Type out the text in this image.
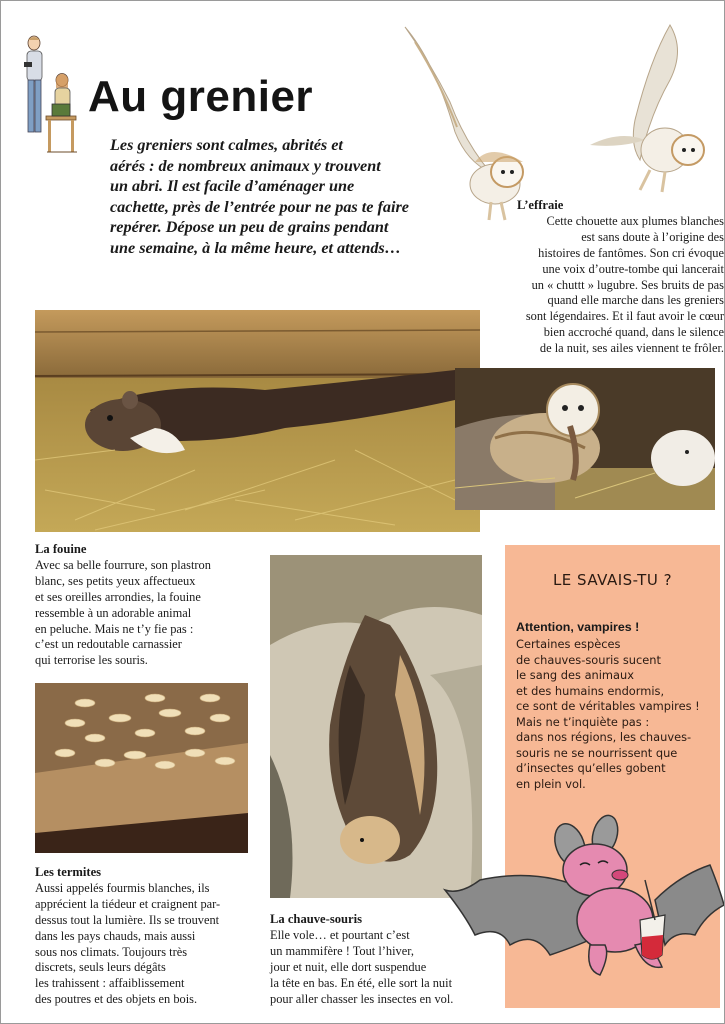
Au grenier
Les greniers sont calmes, abrités et
aérés : de nombreux animaux y trouvent
un abri. Il est facile d’aménager une
cachette, près de l’entrée pour ne pas te faire
repérer. Dépose un peu de grains pendant
une semaine, à la même heure, et attends…
L’effraie
Cette chouette aux plumes blanches
est sans doute à l’origine des
histoires de fantômes. Son cri évoque
une voix d’outre-tombe qui lancerait
un « chuttt » lugubre. Ses bruits de pas
quand elle marche dans les greniers
sont légendaires. Et il faut avoir le cœur
bien accroché quand, dans le silence
de la nuit, ses ailes viennent te frôler.
La fouine
Avec sa belle fourrure, son plastron
blanc, ses petits yeux affectueux
et ses oreilles arrondies, la fouine
ressemble à un adorable animal
en peluche. Mais ne t’y fie pas :
c’est un redoutable carnassier
qui terrorise les souris.
Les termites
Aussi appelés fourmis blanches, ils
apprécient la tiédeur et craignent par-
dessus tout la lumière. Ils se trouvent
dans les pays chauds, mais aussi
sous nos climats. Toujours très
discrets, seuls leurs dégâts
les trahissent : affaiblissement
des poutres et des objets en bois.
La chauve-souris
Elle vole… et pourtant c’est
un mammifère ! Tout l’hiver,
jour et nuit, elle dort suspendue
la tête en bas. En été, elle sort la nuit
pour aller chasser les insectes en vol.
LE SAVAIS-TU ?
Attention, vampires !
Certaines espèces
de chauves-souris sucent
le sang des animaux
et des humains endormis,
ce sont de véritables vampires !
Mais ne t’inquiète pas :
dans nos régions, les chauves-
souris ne se nourrissent que
d’insectes qu’elles gobent
en plein vol.
